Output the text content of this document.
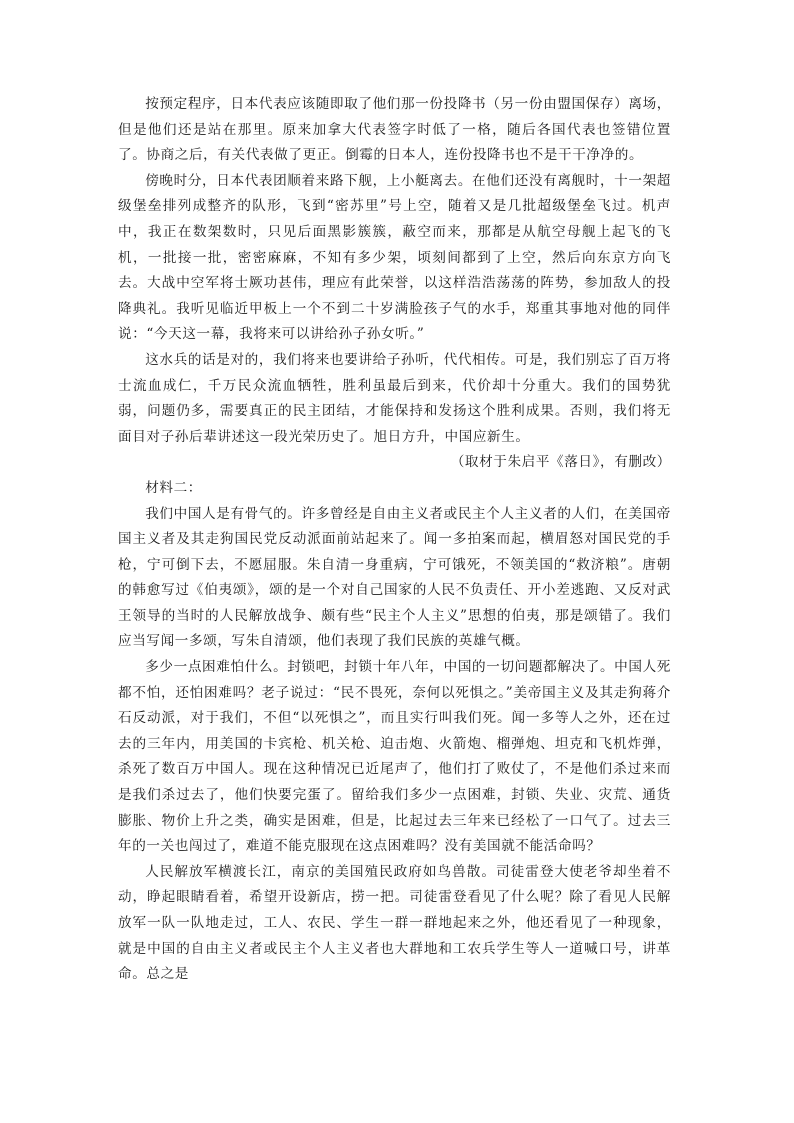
按预定程序，日本代表应该随即取了他们那一份投降书（另一份由盟国保存）离场，但是他们还是站在那里。原来加拿大代表签字时低了一格，随后各国代表也签错位置了。协商之后，有关代表做了更正。倒霉的日本人，连份投降书也不是干干净净的。

傍晚时分，日本代表团顺着来路下舰，上小艇离去。在他们还没有离舰时，十一架超级堡垒排列成整齐的队形，飞到“密苏里”号上空，随着又是几批超级堡垒飞过。机声中，我正在数架数时，只见后面黑影簇簇，蔽空而来，那都是从航空母舰上起飞的飞机，一批接一批，密密麻麻，不知有多少架，顷刻间都到了上空，然后向东京方向飞去。大战中空军将士厥功甚伟，理应有此荣誉，以这样浩浩荡荡的阵势，参加敌人的投降典礼。我听见临近甲板上一个不到二十岁满脸孩子气的水手，郑重其事地对他的同伴说：“今天这一幕，我将来可以讲给孙子孙女听。”

这水兵的话是对的，我们将来也要讲给子孙听，代代相传。可是，我们别忘了百万将士流血成仁，千万民众流血牺牲，胜利虽最后到来，代价却十分重大。我们的国势犹弱，问题仍多，需要真正的民主团结，才能保持和发扬这个胜利成果。否则，我们将无面目对子孙后辈讲述这一段光荣历史了。旭日方升，中国应新生。

（取材于朱启平《落日》，有删改）

材料二：

我们中国人是有骨气的。许多曾经是自由主义者或民主个人主义者的人们，在美国帝国主义者及其走狗国民党反动派面前站起来了。闻一多拍案而起，横眉怒对国民党的手枪，宁可倒下去，不愿屈服。朱自清一身重病，宁可饿死，不领美国的“救济粮”。唐朝的韩愈写过《伯夷颂》，颂的是一个对自己国家的人民不负责任、开小差逃跑、又反对武王领导的当时的人民解放战争、颇有些“民主个人主义”思想的伯夷，那是颂错了。我们应当写闻一多颂，写朱自清颂，他们表现了我们民族的英雄气概。

多少一点困难怕什么。封锁吧，封锁十年八年，中国的一切问题都解决了。中国人死都不怕，还怕困难吗？老子说过：“民不畏死，奈何以死惧之。”美帝国主义及其走狗蒋介石反动派，对于我们，不但“以死惧之”，而且实行叫我们死。闻一多等人之外，还在过去的三年内，用美国的卡宾枪、机关枪、迫击炮、火箭炮、榴弹炮、坦克和飞机炸弹，杀死了数百万中国人。现在这种情况已近尾声了，他们打了败仗了，不是他们杀过来而是我们杀过去了，他们快要完蛋了。留给我们多少一点困难，封锁、失业、灾荒、通货膨胀、物价上升之类，确实是困难，但是，比起过去三年来已经松了一口气了。过去三年的一关也闯过了，难道不能克服现在这点困难吗？没有美国就不能活命吗？

人民解放军横渡长江，南京的美国殖民政府如鸟兽散。司徒雷登大使老爷却坐着不动，睁起眼睛看着，希望开设新店，捞一把。司徒雷登看见了什么呢？除了看见人民解放军一队一队地走过，工人、农民、学生一群一群地起来之外，他还看见了一种现象，就是中国的自由主义者或民主个人主义者也大群地和工农兵学生等人一道喊口号，讲革命。总之是
